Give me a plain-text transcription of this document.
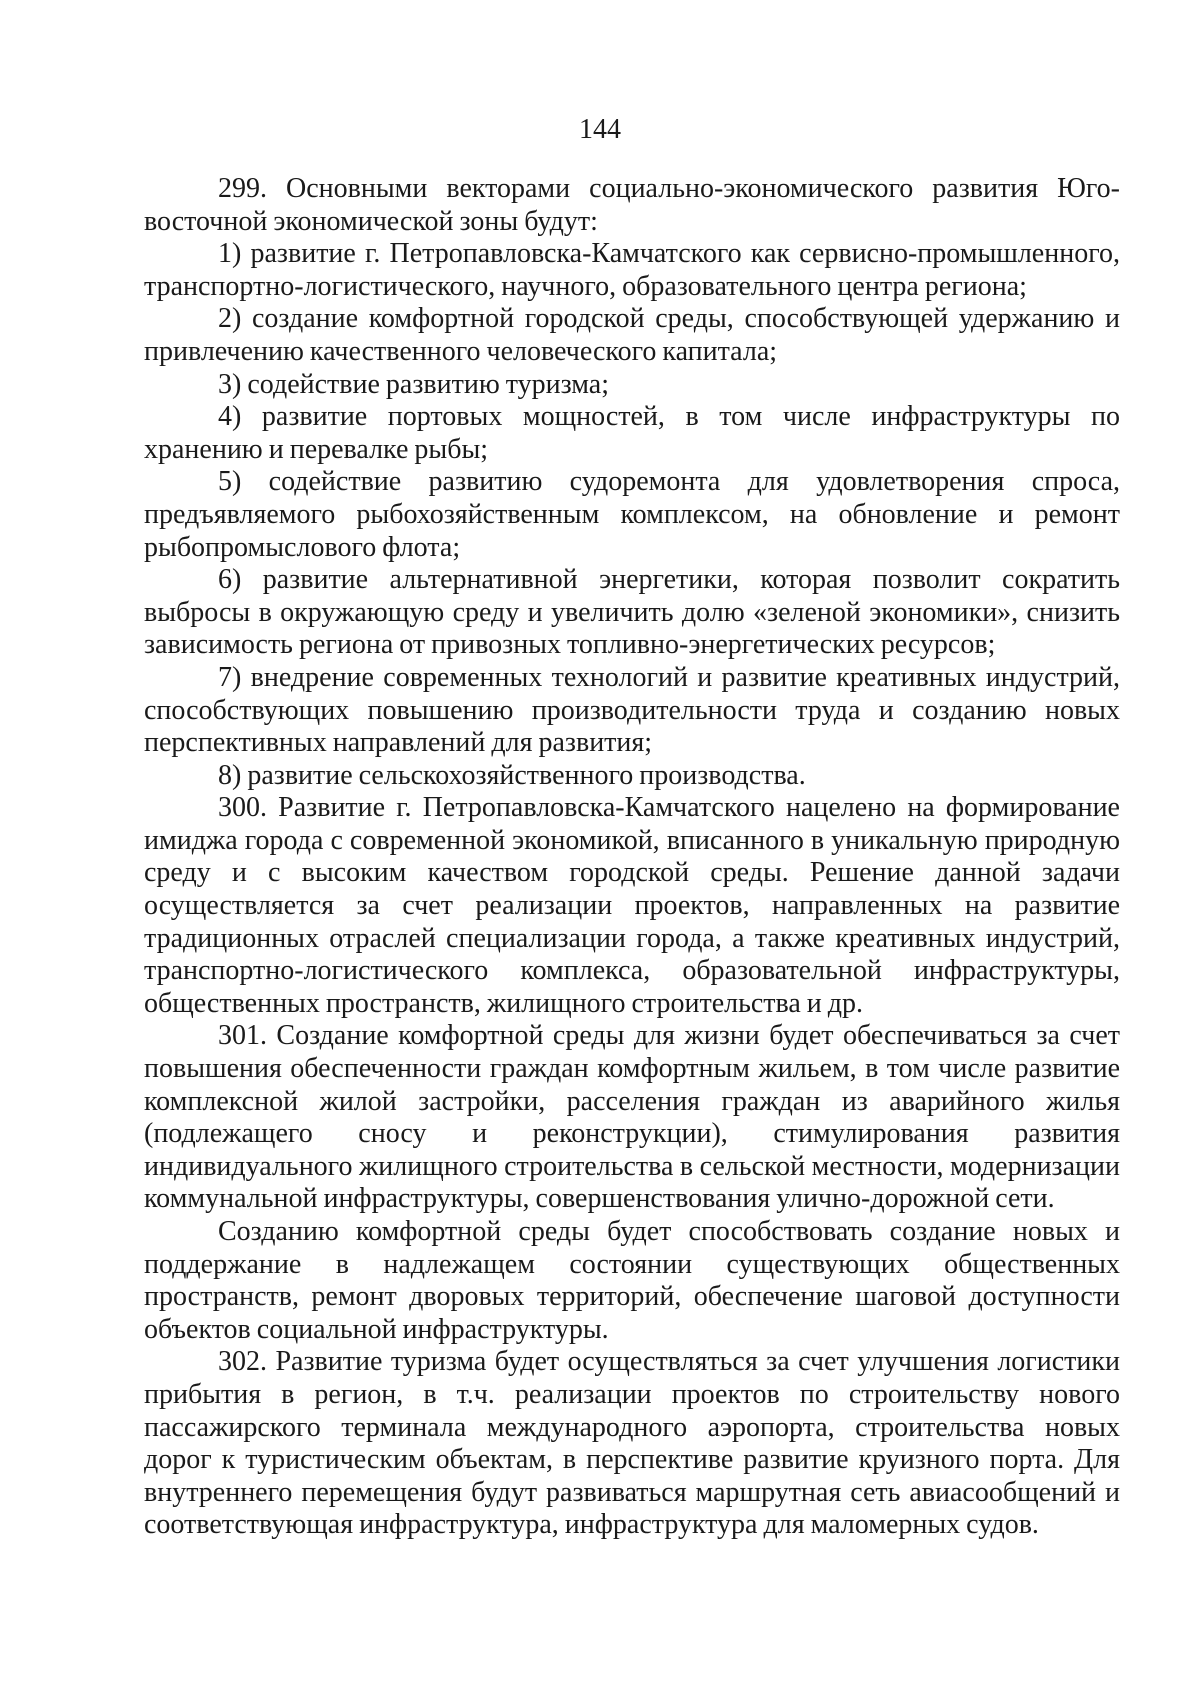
144

299. Основными векторами социально-экономического развития Юго-восточной экономической зоны будут:

1) развитие г. Петропавловска-Камчатского как сервисно-промышленного, транспортно-логистического, научного, образовательного центра региона;

2) создание комфортной городской среды, способствующей удержанию и привлечению качественного человеческого капитала;

3) содействие развитию туризма;

4) развитие портовых мощностей, в том числе инфраструктуры по хранению и перевалке рыбы;

5) содействие развитию судоремонта для удовлетворения спроса, предъявляемого рыбохозяйственным комплексом, на обновление и ремонт рыбопромыслового флота;

6) развитие альтернативной энергетики, которая позволит сократить выбросы в окружающую среду и увеличить долю «зеленой экономики», снизить зависимость региона от привозных топливно-энергетических ресурсов;

7) внедрение современных технологий и развитие креативных индустрий, способствующих повышению производительности труда и созданию новых перспективных направлений для развития;

8) развитие сельскохозяйственного производства.

300. Развитие г. Петропавловска-Камчатского нацелено на формирование имиджа города с современной экономикой, вписанного в уникальную природную среду и с высоким качеством городской среды. Решение данной задачи осуществляется за счет реализации проектов, направленных на развитие традиционных отраслей специализации города, а также креативных индустрий, транспортно-логистического комплекса, образовательной инфраструктуры, общественных пространств, жилищного строительства и др.

301. Создание комфортной среды для жизни будет обеспечиваться за счет повышения обеспеченности граждан комфортным жильем, в том числе развитие комплексной жилой застройки, расселения граждан из аварийного жилья (подлежащего сносу и реконструкции), стимулирования развития индивидуального жилищного строительства в сельской местности, модернизации коммунальной инфраструктуры, совершенствования улично-дорожной сети.

Созданию комфортной среды будет способствовать создание новых и поддержание в надлежащем состоянии существующих общественных пространств, ремонт дворовых территорий, обеспечение шаговой доступности объектов социальной инфраструктуры.

302. Развитие туризма будет осуществляться за счет улучшения логистики прибытия в регион, в т.ч. реализации проектов по строительству нового пассажирского терминала международного аэропорта, строительства новых дорог к туристическим объектам, в перспективе развитие круизного порта. Для внутреннего перемещения будут развиваться маршрутная сеть авиасообщений и соответствующая инфраструктура, инфраструктура для маломерных судов.
